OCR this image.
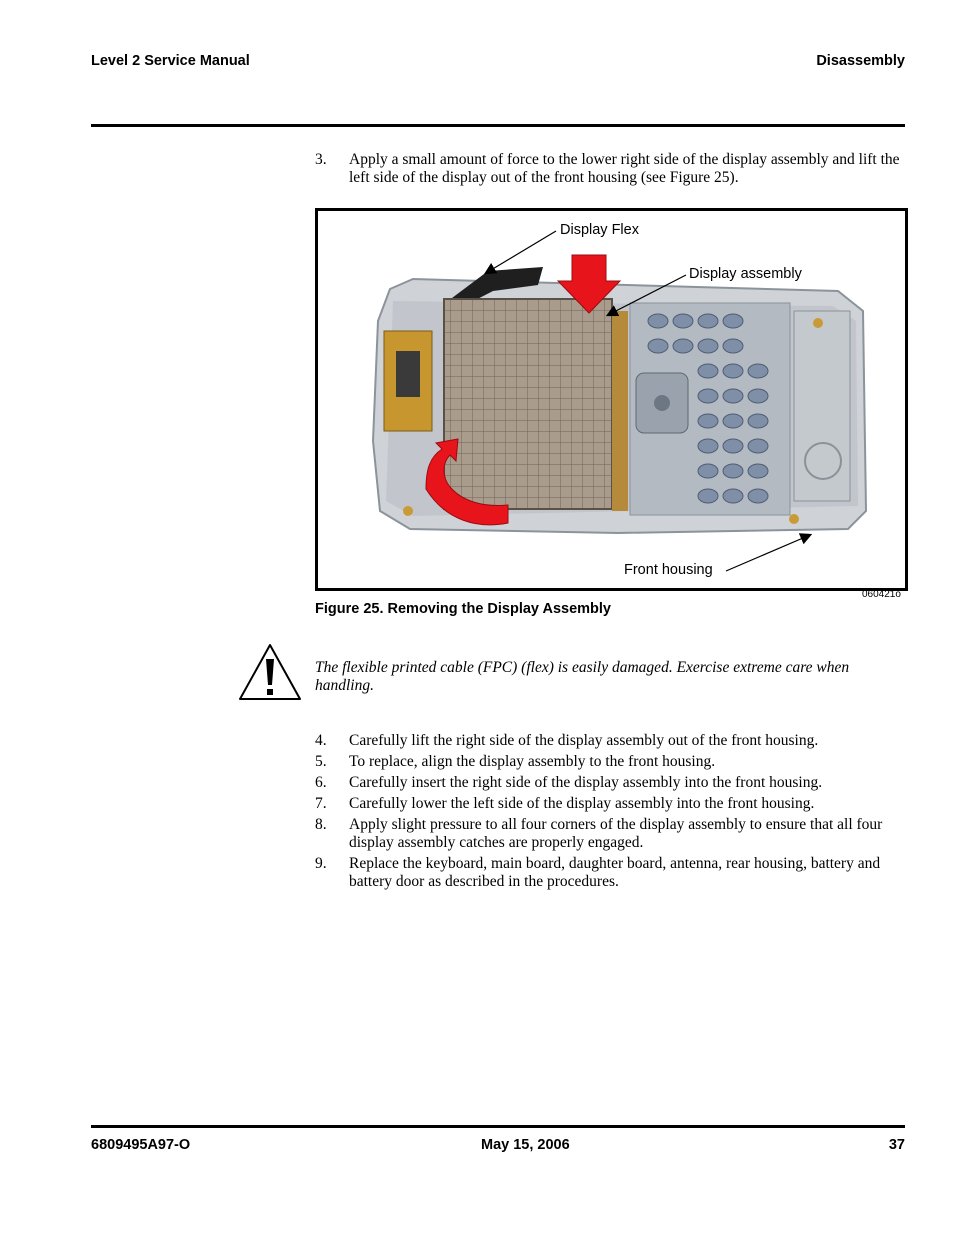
Level 2 Service Manual	Disassembly
3. Apply a small amount of force to the lower right side of the display assembly and lift the left side of the display out of the front housing (see Figure 25).
Display Flex
Display assembly
Front housing
060421o
Figure 25. Removing the Display Assembly
The flexible printed cable (FPC) (flex) is easily damaged. Exercise extreme care when handling.
4. Carefully lift the right side of the display assembly out of the front housing.
5. To replace, align the display assembly to the front housing.
6. Carefully insert the right side of the display assembly into the front housing.
7. Carefully lower the left side of the display assembly into the front housing.
8. Apply slight pressure to all four corners of the display assembly to ensure that all four display assembly catches are properly engaged.
9. Replace the keyboard, main board, daughter board, antenna, rear housing, battery and battery door as described in the procedures.
6809495A97-O	May 15, 2006	37
